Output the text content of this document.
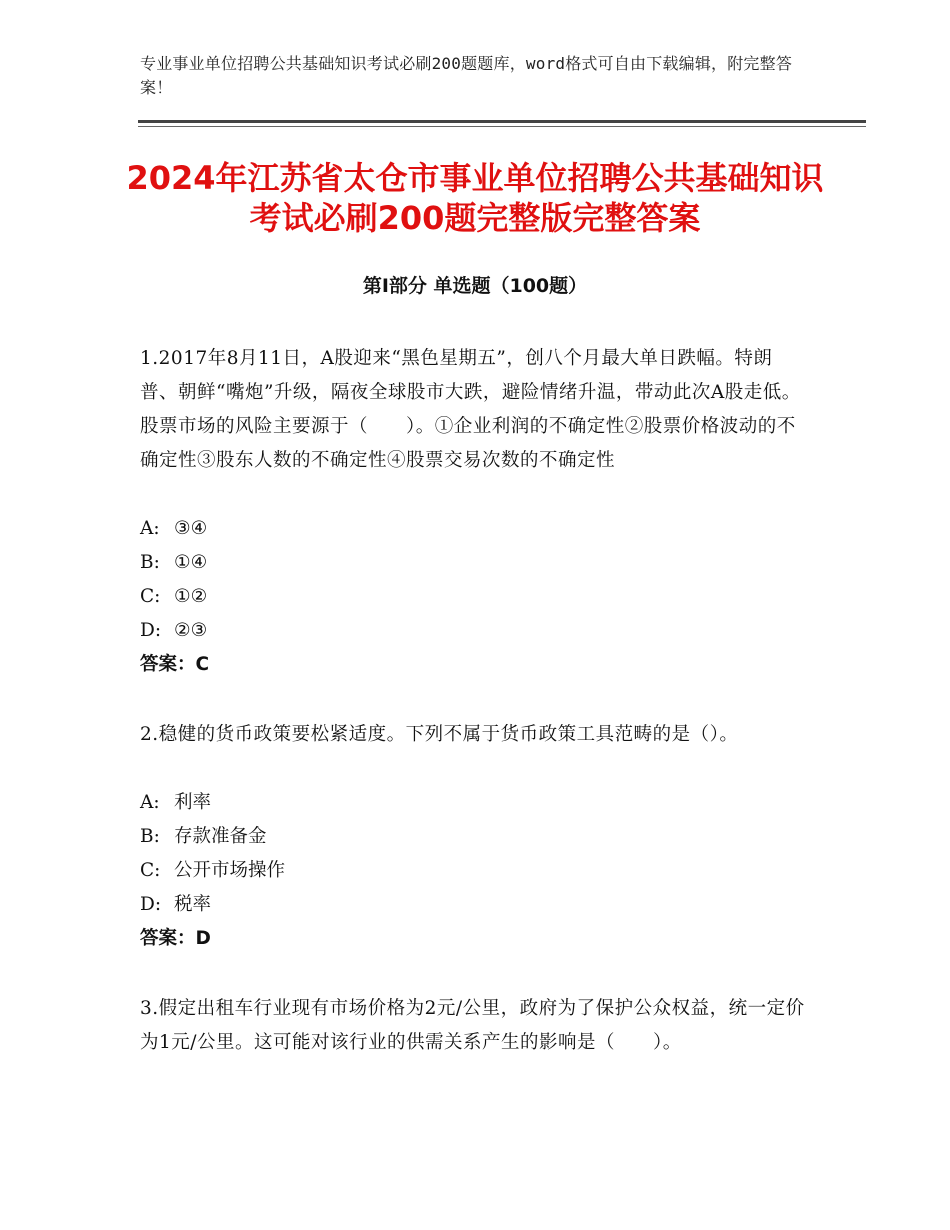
专业事业单位招聘公共基础知识考试必刷200题题库，word格式可自由下载编辑，附完整答案！
2024年江苏省太仓市事业单位招聘公共基础知识考试必刷200题完整版完整答案
第Ⅰ部分 单选题（100题）
1.2017年8月11日，A股迎来“黑色星期五”，创八个月最大单日跌幅。特朗普、朝鲜“嘴炮”升级，隔夜全球股市大跌，避险情绪升温，带动此次A股走低。股票市场的风险主要源于（　　）。①企业利润的不确定性②股票价格波动的不确定性③股东人数的不确定性④股票交易次数的不确定性
A: ③④
B: ①④
C: ①②
D: ②③
答案：C
2.稳健的货币政策要松紧适度。下列不属于货币政策工具范畴的是（）。
A: 利率
B: 存款准备金
C: 公开市场操作
D: 税率
答案：D
3.假定出租车行业现有市场价格为2元/公里，政府为了保护公众权益，统一定价为1元/公里。这可能对该行业的供需关系产生的影响是（　　）。
